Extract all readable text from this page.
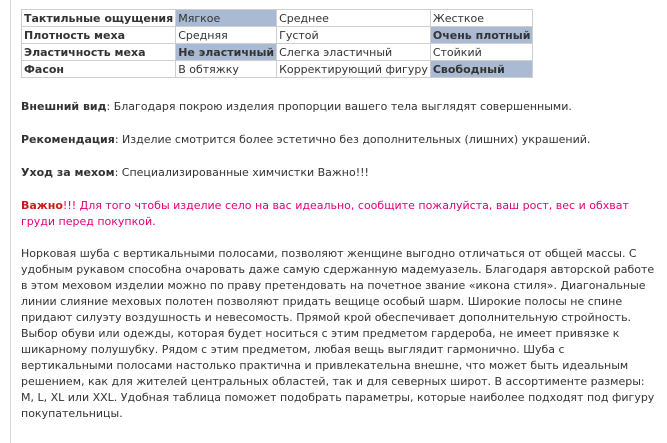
Тактильные ощущения	Мягкое	Среднее	Жесткое
Плотность меха	Средняя	Густой	Очень плотный
Эластичность меха	Не эластичный	Слегка эластичный	Стойкий
Фасон	В обтяжку	Корректирующий фигуру	Свободный

Внешний вид: Благодаря покрою изделия пропорции вашего тела выглядят совершенными.

Рекомендация: Изделие смотрится более эстетично без дополнительных (лишних) украшений.

Уход за мехом: Специализированные химчистки Важно!!!

Важно!!! Для того чтобы изделие село на вас идеально, сообщите пожалуйста, ваш рост, вес и обхват груди перед покупкой.

Норковая шуба с вертикальными полосами, позволяют женщине выгодно отличаться от общей массы. С удобным рукавом способна очаровать даже самую сдержанную мадемуазель. Благодаря авторской работе в этом меховом изделии можно по праву претендовать на почетное звание «икона стиля». Диагональные линии слияние меховых полотен позволяют придать вещице особый шарм. Широкие полосы не спине придают силуэту воздушность и невесомость. Прямой крой обеспечивает дополнительную стройность. Выбор обуви или одежды, которая будет носиться с этим предметом гардероба, не имеет привязке к шикарному полушубку. Рядом с этим предметом, любая вещь выглядит гармонично. Шуба с вертикальными полосами настолько практична и привлекательна внешне, что может быть идеальным решением, как для жителей центральных областей, так и для северных широт. В ассортименте размеры: M, L, XL или XXL. Удобная таблица поможет подобрать параметры, которые наиболее подходят под фигуру покупательницы.
